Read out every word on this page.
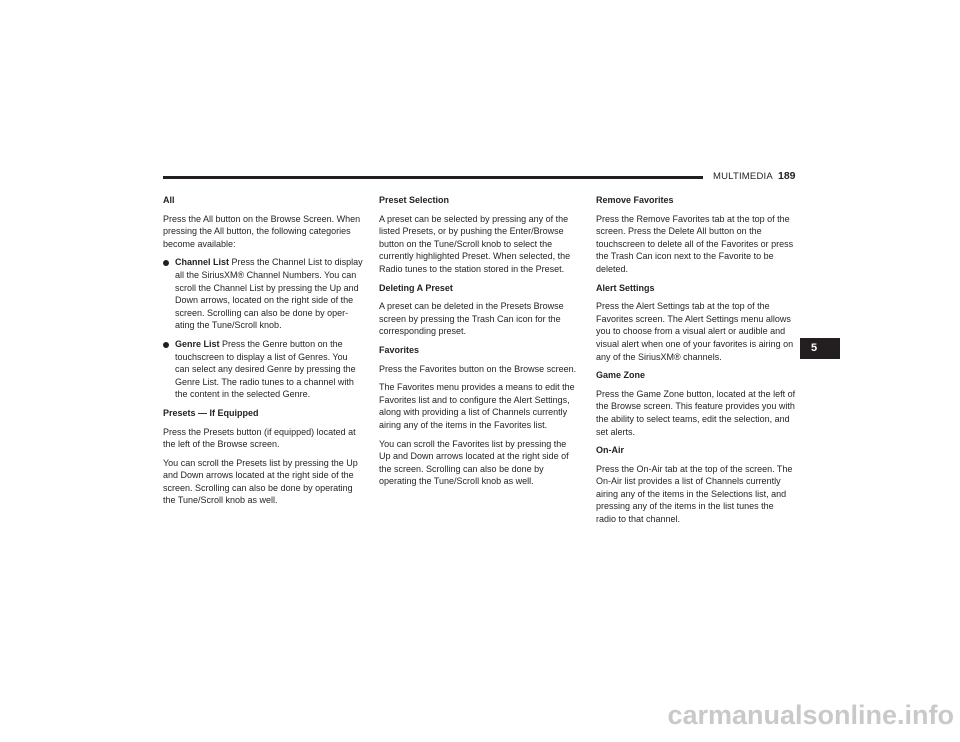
MULTIMEDIA 189
All

Press the All button on the Browse Screen. When pressing the All button, the following categories become available:

Channel List Press the Channel List to display all the SiriusXM® Channel Numbers. You can scroll the Channel List by pressing the Up and Down arrows, located on the right side of the screen. Scrolling can also be done by oper-ating the Tune/Scroll knob.
Genre List Press the Genre button on the touchscreen to display a list of Genres. You can select any desired Genre by pressing the Genre List. The radio tunes to a channel with the content in the selected Genre.
Presets — If Equipped

Press the Presets button (if equipped) located at the left of the Browse screen.

You can scroll the Presets list by pressing the Up and Down arrows located at the right side of the screen. Scrolling can also be done by operating the Tune/Scroll knob as well.

Preset Selection

A preset can be selected by pressing any of the listed Presets, or by pushing the Enter/Browse button on the Tune/Scroll knob to select the currently highlighted Preset. When selected, the Radio tunes to the station stored in the Preset.

Deleting A Preset

A preset can be deleted in the Presets Browse screen by pressing the Trash Can icon for the corresponding preset.

Favorites

Press the Favorites button on the Browse screen.

The Favorites menu provides a means to edit the Favorites list and to configure the Alert Settings, along with providing a list of Channels currently airing any of the items in the Favorites list.

You can scroll the Favorites list by pressing the Up and Down arrows located at the right side of the screen. Scrolling can also be done by operating the Tune/Scroll knob as well.

Remove Favorites

Press the Remove Favorites tab at the top of the screen. Press the Delete All button on the touchscreen to delete all of the Favorites or press the Trash Can icon next to the Favorite to be deleted.

Alert Settings

Press the Alert Settings tab at the top of the Favorites screen. The Alert Settings menu allows you to choose from a visual alert or audible and visual alert when one of your favorites is airing on any of the SiriusXM® channels.

Game Zone

Press the Game Zone button, located at the left of the Browse screen. This feature provides you with the ability to select teams, edit the selection, and set alerts.

On-Air

Press the On-Air tab at the top of the screen. The On-Air list provides a list of Channels currently airing any of the items in the Selections list, and pressing any of the items in the list tunes the radio to that channel.

5
carmanualsonline.info
